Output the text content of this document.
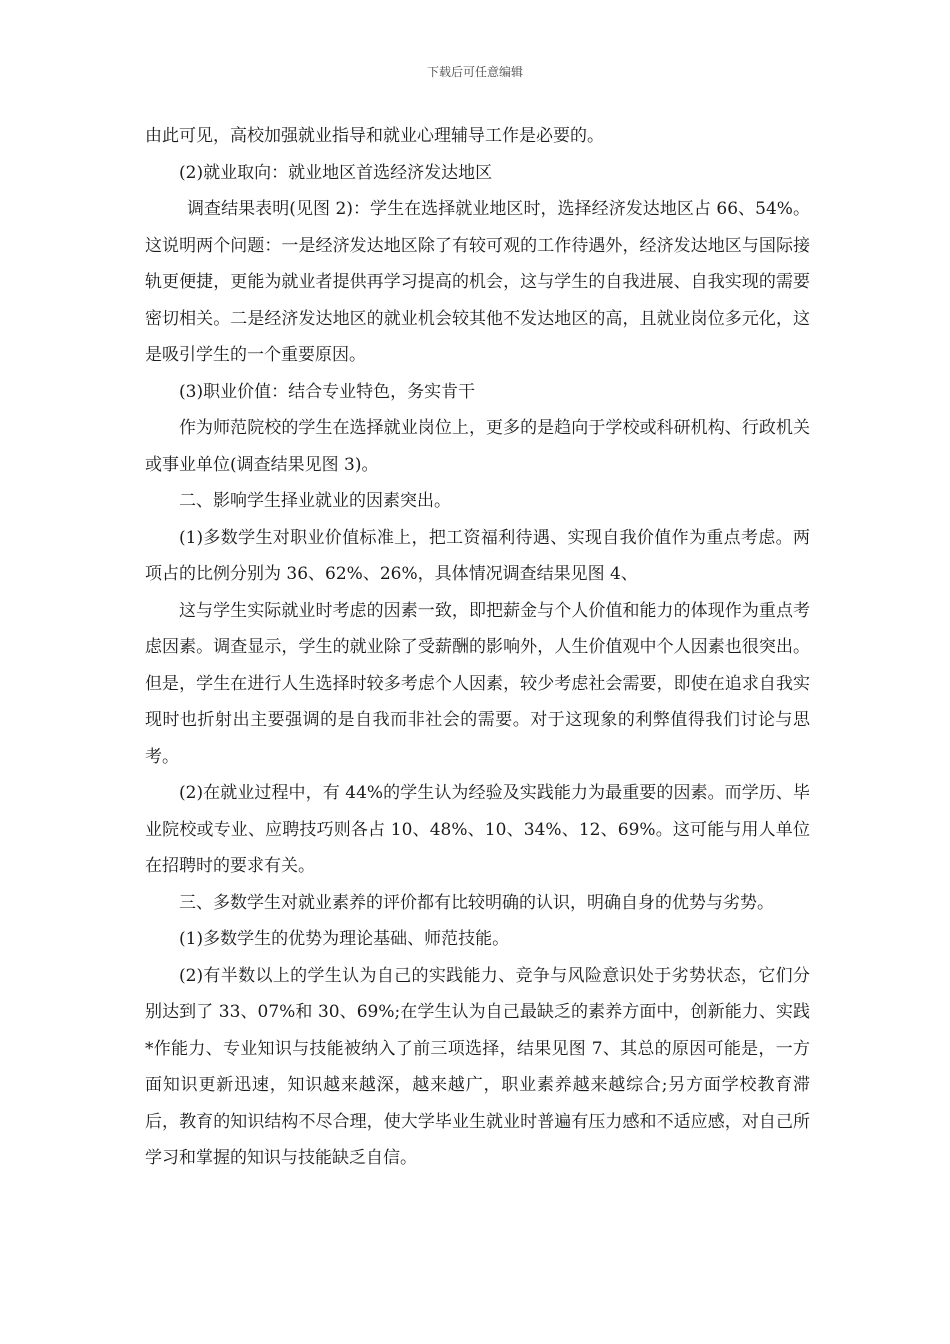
下载后可任意编辑

由此可见，高校加强就业指导和就业心理辅导工作是必要的。

(2)就业取向：就业地区首选经济发达地区

调查结果表明(见图 2)：学生在选择就业地区时，选择经济发达地区占 66、54%。这说明两个问题：一是经济发达地区除了有较可观的工作待遇外，经济发达地区与国际接轨更便捷，更能为就业者提供再学习提高的机会，这与学生的自我进展、自我实现的需要密切相关。二是经济发达地区的就业机会较其他不发达地区的高，且就业岗位多元化，这是吸引学生的一个重要原因。

(3)职业价值：结合专业特色，务实肯干

作为师范院校的学生在选择就业岗位上，更多的是趋向于学校或科研机构、行政机关或事业单位(调查结果见图 3)。

二、影响学生择业就业的因素突出。

(1)多数学生对职业价值标准上，把工资福利待遇、实现自我价值作为重点考虑。两项占的比例分别为 36、62%、26%，具体情况调查结果见图 4、

这与学生实际就业时考虑的因素一致，即把薪金与个人价值和能力的体现作为重点考虑因素。调查显示，学生的就业除了受薪酬的影响外，人生价值观中个人因素也很突出。但是，学生在进行人生选择时较多考虑个人因素，较少考虑社会需要，即使在追求自我实现时也折射出主要强调的是自我而非社会的需要。对于这现象的利弊值得我们讨论与思考。

(2)在就业过程中，有 44%的学生认为经验及实践能力为最重要的因素。而学历、毕业院校或专业、应聘技巧则各占 10、48%、10、34%、12、69%。这可能与用人单位在招聘时的要求有关。

三、多数学生对就业素养的评价都有比较明确的认识，明确自身的优势与劣势。

(1)多数学生的优势为理论基础、师范技能。

(2)有半数以上的学生认为自己的实践能力、竞争与风险意识处于劣势状态，它们分别达到了 33、07%和 30、69%;在学生认为自己最缺乏的素养方面中，创新能力、实践*作能力、专业知识与技能被纳入了前三项选择，结果见图 7、其总的原因可能是，一方面知识更新迅速，知识越来越深，越来越广，职业素养越来越综合;另方面学校教育滞后，教育的知识结构不尽合理，使大学毕业生就业时普遍有压力感和不适应感，对自己所学习和掌握的知识与技能缺乏自信。
